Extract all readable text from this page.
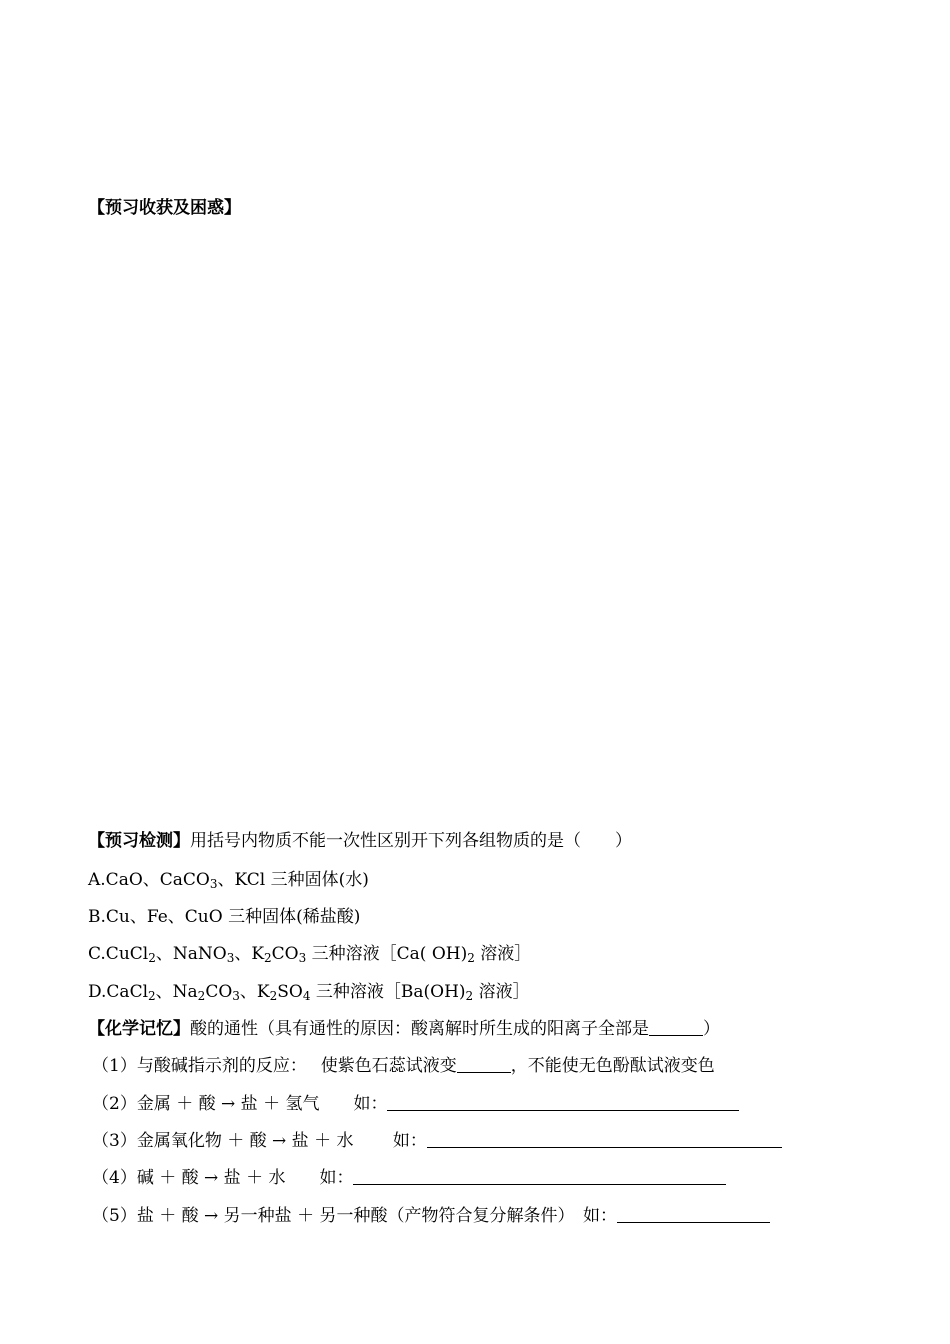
【预习收获及困惑】
【预习检测】用括号内物质不能一次性区别开下列各组物质的是（　　）
A.CaO、CaCO$_3$、KCl 三种固体(水)
B.Cu、Fe、CuO 三种固体(稀盐酸)
C.CuCl$_2$、NaNO$_3$、$K_2CO_3$ 三种溶液［Ca( $OH)_2$ 溶液］
D.CaCl$_2$、$Na_2CO_3$、$K_2SO_4$ 三种溶液$[Ba(OH)_2$ 溶液］
【化学记忆】酸的通性（具有通性的原因：酸离解时所生成的阳离子全部是	）
（1）与酸碱指示剂的反应：　 使紫色石蕊试液变	，不能使无色酚酞试液变色
（2）金属 ＋ 酸 → 盐 ＋ 氢气　　如：
（3）金属氧化物 ＋ 酸 → 盐 ＋ 水　　 如：
（4）碱 ＋ 酸 → 盐 ＋ 水　　如：
（5）盐 ＋ 酸 → 另一种盐 ＋ 另一种酸（产物符合复分解条件）　如：
